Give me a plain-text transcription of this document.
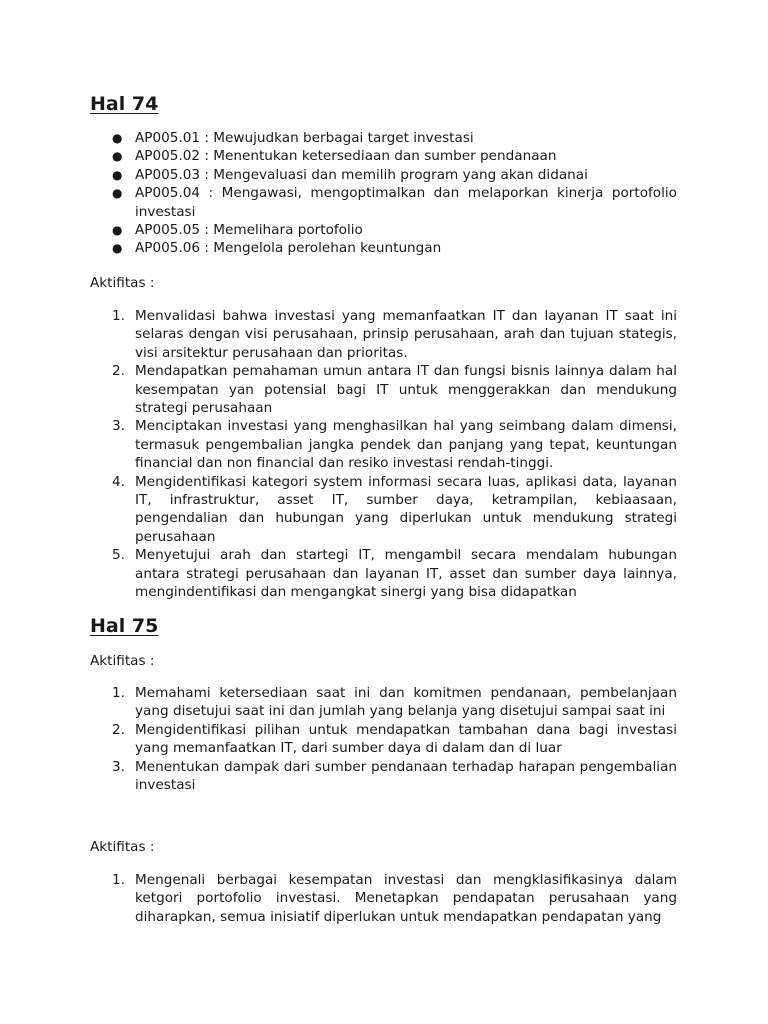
Hal 74
● AP005.01 : Mewujudkan berbagai target investasi
● AP005.02 : Menentukan ketersediaan dan sumber pendanaan
● AP005.03 : Mengevaluasi dan memilih program yang akan didanai
● AP005.04 : Mengawasi, mengoptimalkan dan melaporkan kinerja portofolio investasi
● AP005.05 : Memelihara portofolio
● AP005.06 : Mengelola perolehan keuntungan

Aktifitas :

1. Menvalidasi bahwa investasi yang memanfaatkan IT dan layanan IT saat ini selaras dengan visi perusahaan, prinsip perusahaan, arah dan tujuan stategis, visi arsitektur perusahaan dan prioritas.
2. Mendapatkan pemahaman umun antara IT dan fungsi bisnis lainnya dalam hal kesempatan yan potensial bagi IT untuk menggerakkan dan mendukung strategi perusahaan
3. Menciptakan investasi yang menghasilkan hal yang seimbang dalam dimensi, termasuk pengembalian jangka pendek dan panjang yang tepat, keuntungan financial dan non financial dan resiko investasi rendah-tinggi.
4. Mengidentifikasi kategori system informasi secara luas, aplikasi data, layanan IT, infrastruktur, asset IT, sumber daya, ketrampilan, kebiaasaan, pengendalian dan hubungan yang diperlukan untuk mendukung strategi perusahaan
5. Menyetujui arah dan startegi IT, mengambil secara mendalam hubungan antara strategi perusahaan dan layanan IT, asset dan sumber daya lainnya, mengindentifikasi dan mengangkat sinergi yang bisa didapatkan
Hal 75

Aktifitas :

1. Memahami ketersediaan saat ini dan komitmen pendanaan, pembelanjaan yang disetujui saat ini dan jumlah yang belanja yang disetujui sampai saat ini
2. Mengidentifikasi pilihan untuk mendapatkan tambahan dana bagi investasi yang memanfaatkan IT, dari sumber daya di dalam dan di luar
3. Menentukan dampak dari sumber pendanaan terhadap harapan pengembalian investasi

Aktifitas :

1. Mengenali berbagai kesempatan investasi dan mengklasifikasinya dalam ketgori portofolio investasi. Menetapkan pendapatan perusahaan yang diharapkan, semua inisiatif diperlukan untuk mendapatkan pendapatan yang
